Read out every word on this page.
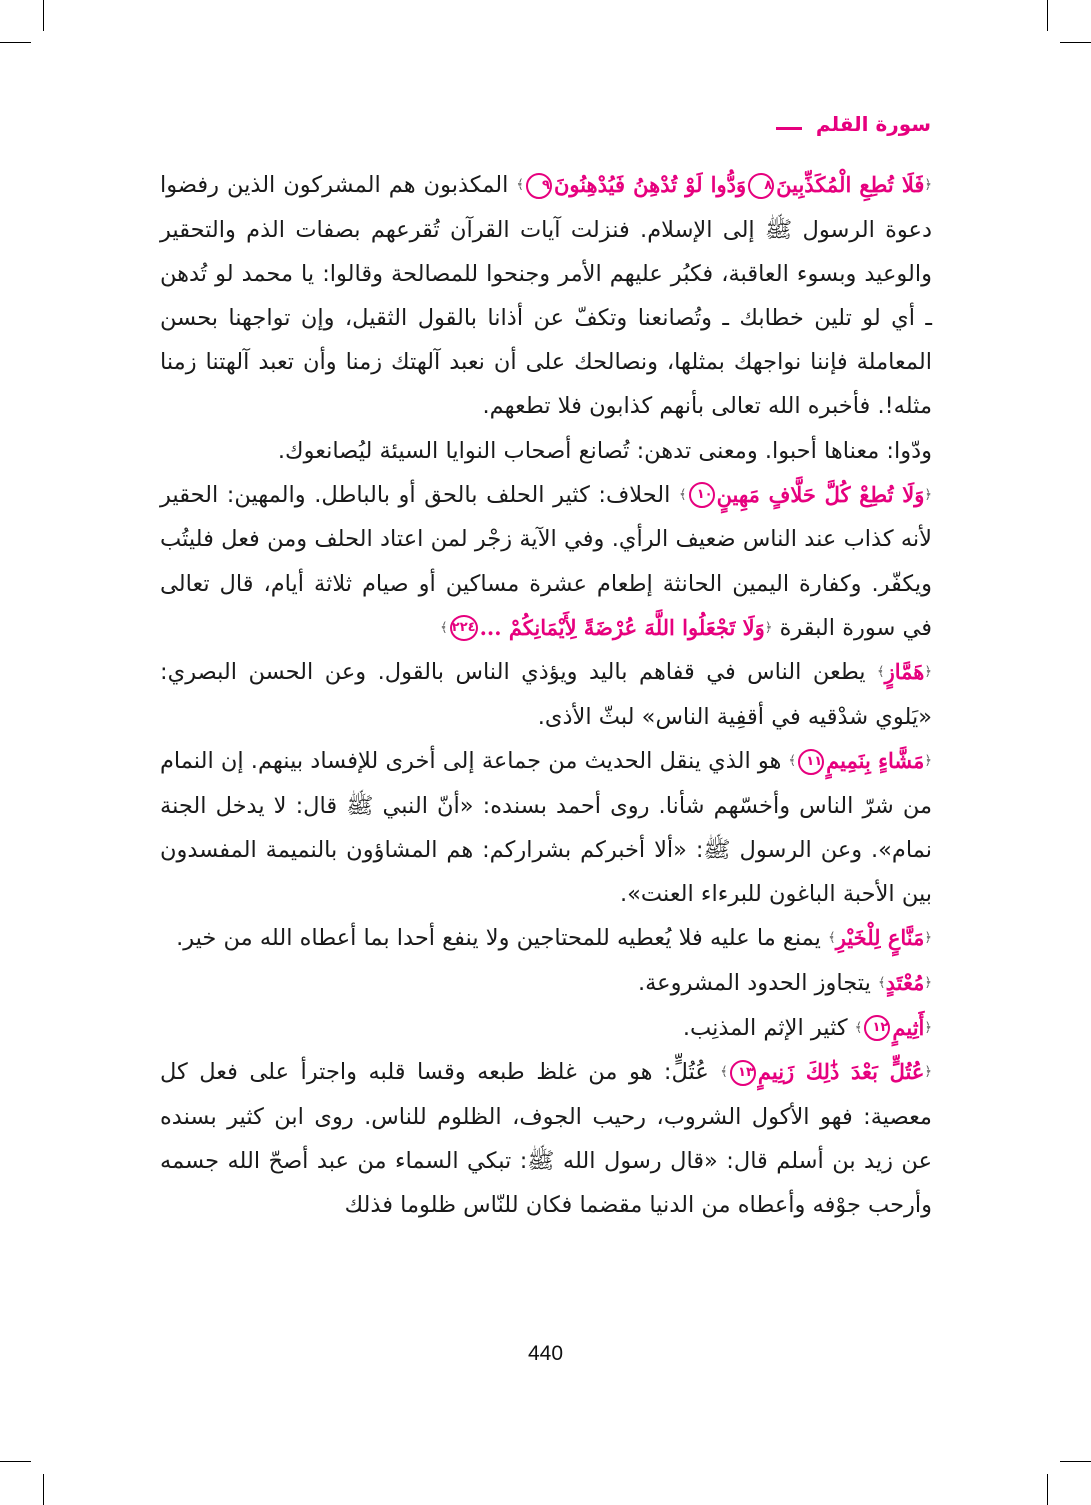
سورة القلم

﴿فَلَا تُطِعِ الْمُكَذِّبِينَ٨وَدُّوا لَوْ تُدْهِنُ فَيُدْهِنُونَ٩﴾ المكذبون هم المشركون الذين رفضوا دعوة الرسول ﷺ إلى الإسلام. فنزلت آيات القرآن تُقرعهم بصفات الذم والتحقير والوعيد وبسوء العاقبة، فكبُر عليهم الأمر وجنحوا للمصالحة وقالوا: يا محمد لو تُدهن ـ أي لو تلين خطابك ـ وتُصانعنا وتكفّ عن أذانا بالقول الثقيل، وإن تواجهنا بحسن المعاملة فإننا نواجهك بمثلها، ونصالحك على أن نعبد آلهتك زمنا وأن تعبد آلهتنا زمنا مثله!. فأخبره الله تعالى بأنهم كذابون فلا تطعهم.

ودّوا: معناها أحبوا. ومعنى تدهن: تُصانع أصحاب النوايا السيئة ليُصانعوك.

﴿وَلَا تُطِعْ كُلَّ حَلَّافٍ مَهِينٍ١٠﴾ الحلاف: كثير الحلف بالحق أو بالباطل. والمهين: الحقير لأنه كذاب عند الناس ضعيف الرأي. وفي الآية زجْر لمن اعتاد الحلف ومن فعل فليتُب ويكفّر. وكفارة اليمين الحانثة إطعام عشرة مساكين أو صيام ثلاثة أيام، قال تعالى في سورة البقرة ﴿وَلَا تَجْعَلُوا اللَّهَ عُرْضَةً لِأَيْمَانِكُمْ ...٢٢٤﴾

﴿هَمَّازٍ﴾ يطعن الناس في قفاهم باليد ويؤذي الناس بالقول. وعن الحسن البصري: «يَلوي شدْقيه في أقفِية الناس» لبثّ الأذى.

﴿مَشَّاءٍ بِنَمِيمٍ١١﴾ هو الذي ينقل الحديث من جماعة إلى أخرى للإفساد بينهم. إن النمام من شرّ الناس وأخسّهم شأنا. روى أحمد بسنده: «أنّ النبي ﷺ قال: لا يدخل الجنة نمام». وعن الرسول ﷺ: «ألا أخبركم بشراركم: هم المشاؤون بالنميمة المفسدون بين الأحبة الباغون للبرءاء العنت».

﴿مَنَّاعٍ لِلْخَيْرِ﴾ يمنع ما عليه فلا يُعطيه للمحتاجين ولا ينفع أحدا بما أعطاه الله من خير.

﴿مُعْتَدٍ﴾ يتجاوز الحدود المشروعة.

﴿أَثِيمٍ١٢﴾ كثير الإثم المذنِب.

﴿عُتُلٍّ بَعْدَ ذَٰلِكَ زَنِيمٍ١٣﴾ عُتُلٍّ: هو من غلظ طبعه وقسا قلبه واجترأ على فعل كل معصية: فهو الأكول الشروب، رحيب الجوف، الظلوم للناس. روى ابن كثير بسنده عن زيد بن أسلم قال: «قال رسول الله ﷺ: تبكي السماء من عبد أصحّ الله جسمه وأرحب جوْفه وأعطاه من الدنيا مقضما فكان للنّاس ظلوما فذلك

440
